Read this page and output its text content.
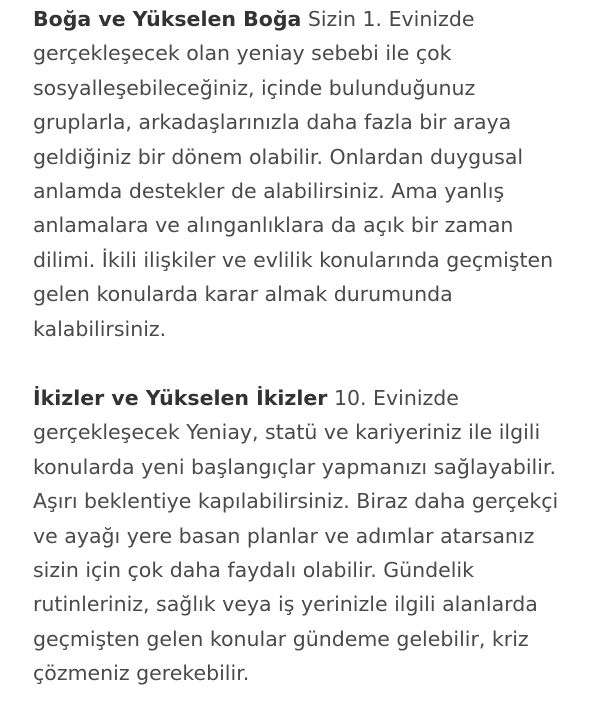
Boğa ve Yükselen Boğa Sizin 1. Evinizde
gerçekleşecek olan yeniay sebebi ile çok
sosyalleşebileceğiniz, içinde bulunduğunuz
gruplarla, arkadaşlarınızla daha fazla bir araya
geldiğiniz bir dönem olabilir. Onlardan duygusal
anlamda destekler de alabilirsiniz. Ama yanlış
anlamalara ve alınganlıklara da açık bir zaman
dilimi. İkili ilişkiler ve evlilik konularında geçmişten
gelen konularda karar almak durumunda
kalabilirsiniz.

İkizler ve Yükselen İkizler 10. Evinizde
gerçekleşecek Yeniay, statü ve kariyeriniz ile ilgili
konularda yeni başlangıçlar yapmanızı sağlayabilir.
Aşırı beklentiye kapılabilirsiniz. Biraz daha gerçekçi
ve ayağı yere basan planlar ve adımlar atarsanız
sizin için çok daha faydalı olabilir. Gündelik
rutinleriniz, sağlık veya iş yerinizle ilgili alanlarda
geçmişten gelen konular gündeme gelebilir, kriz
çözmeniz gerekebilir.
